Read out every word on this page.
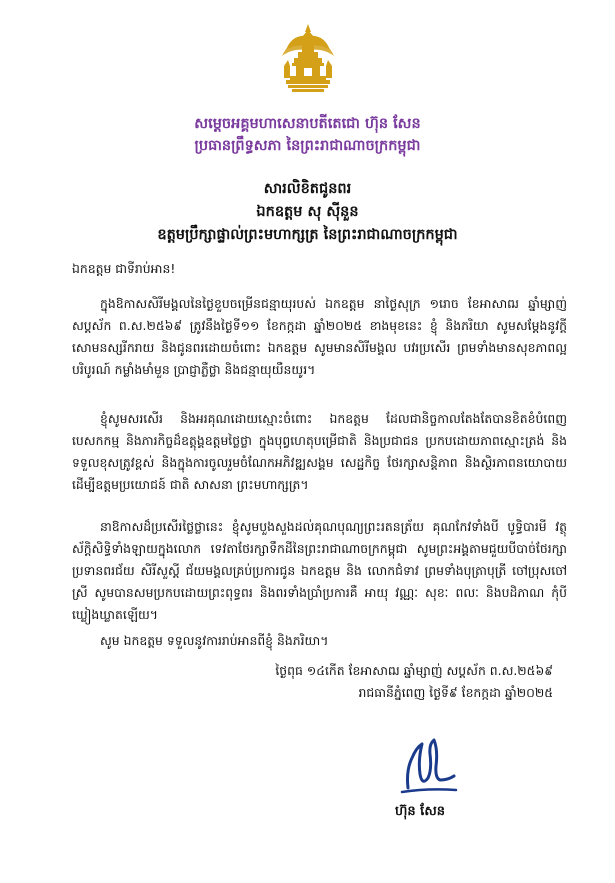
សម្តេចអគ្គមហាសេនាបតីតេជោ ហ៊ុន សែន
ប្រធានព្រឹទ្ធសភា នៃព្រះរាជាណាចក្រកម្ពុជា
សារលិខិតជូនពរ
ឯកឧត្តម សុ ស៊ីនួន
ឧត្តមប្រឹក្សាផ្ទាល់ព្រះមហាក្សត្រ នៃព្រះរាជាណាចក្រកម្ពុជា
ឯកឧត្តម ជាទីរាប់អាន!
ក្នុងឱកាសសិរីមង្គលនៃថ្ងៃខួបចម្រើនជន្មាយុរបស់ ឯកឧត្តម នាថ្ងៃសុក្រ ១រោច ខែអាសាឍ ឆ្នាំម្សាញ់ សប្តស័ក ព.ស.២៥៦៩ ត្រូវនឹងថ្ងៃទី១១ ខែកក្កដា ឆ្នាំ២០២៥ ខាងមុខនេះ ខ្ញុំ និងភរិយា សូមសម្តែងនូវក្តីសោមនស្សរីករាយ និងជូនពរដោយចំពោះ ឯកឧត្តម សូមមានសិរីមង្គល បវរប្រសើរ ព្រមទាំងមានសុខភាពល្អបរិបូរណ៍ កម្លាំងមាំមួន ប្រាជ្ញាភ្លឺថ្លា និងជន្មាយុយឺនយូរ។
ខ្ញុំសូមសរសើរ និងអរគុណដោយស្មោះចំពោះ ឯកឧត្តម ដែលជានិច្ចកាលតែងតែបានខិតខំបំពេញបេសកកម្ម និងភារកិច្ចដ៏ឧត្តុង្គឧត្តមថ្លៃថ្លា ក្នុងបុព្វហេតុបម្រើជាតិ និងប្រជាជន ប្រកបដោយភាពស្មោះត្រង់ និងទទួលខុសត្រូវខ្ពស់ និងក្នុងការចូលរួមចំណែកអភិវឌ្ឍសង្គម សេដ្ឋកិច្ច ថែរក្សាសន្តិភាព និងស្ថិរភាពនយោបាយ ដើម្បីឧត្តមប្រយោជន៍ ជាតិ សាសនា ព្រះមហាក្សត្រ។
នាឱកាសដ៏ប្រសើរថ្លៃថ្លានេះ ខ្ញុំសូមបួងសួងដល់គុណបុណ្យព្រះរតនត្រ័យ គុណកែវទាំងបី បូទ្ធិបារមី វត្ថុស័ក្តិសិទ្ធិទាំងឡាយក្នុងលោក ទេវតាថែរក្សាទឹកដីនៃព្រះរាជាណាចក្រកម្ពុជា សូមព្រះអង្គតាមជួយបីបាច់ថែរក្សា ប្រទានពរជ័យ សិរីសួស្តី ជ័យមង្គលគ្រប់ប្រការជូន ឯកឧត្តម និង លោកជំទាវ ព្រមទាំងបុត្រាបុត្រី ចៅប្រុសចៅស្រី សូមបានសមប្រកបដោយព្រះពុទ្ធពរ និងពរទាំងប្រាំប្រការគឺ អាយុ វណ្ណៈ សុខៈ ពលៈ និងបដិភាណ កុំបីឃ្លៀងឃ្លាតឡើយ។
សូម ឯកឧត្តម ទទួលនូវការរាប់អានពីខ្ញុំ និងភរិយា។
ថ្ងៃពុធ ១៤កើត ខែអាសាឍ ឆ្នាំម្សាញ់ សប្តស័ក ព.ស.២៥៦៩
រាជធានីភ្នំពេញ ថ្ងៃទី៩ ខែកក្កដា ឆ្នាំ២០២៥
ហ៊ុន សែន
